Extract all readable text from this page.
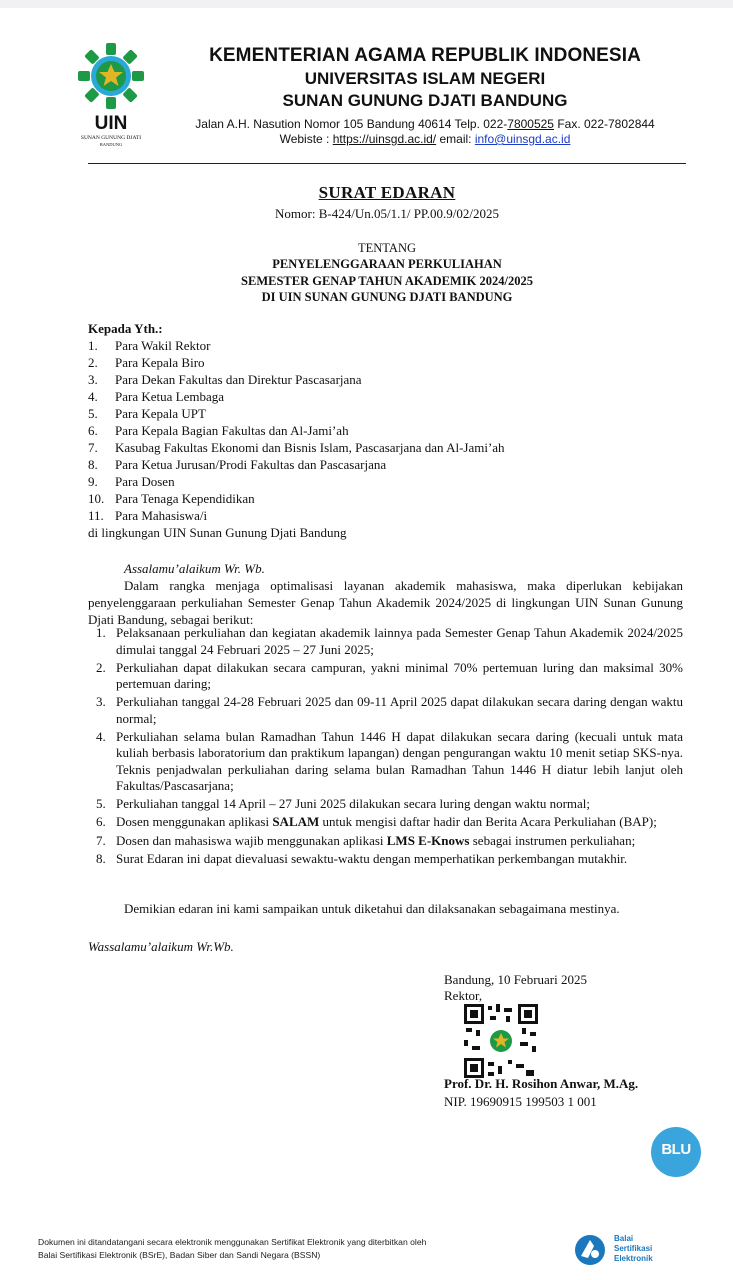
UIN
SUNAN GUNUNG DJATI
BANDUNG
KEMENTERIAN AGAMA REPUBLIK INDONESIA
UNIVERSITAS ISLAM NEGERI
SUNAN GUNUNG DJATI BANDUNG
Jalan A.H. Nasution Nomor 105 Bandung 40614 Telp. 022-7800525 Fax. 022-7802844
Webiste : https://uinsgd.ac.id/ email: info@uinsgd.ac.id
SURAT EDARAN
Nomor: B-424/Un.05/1.1/ PP.00.9/02/2025
TENTANG
PENYELENGGARAAN PERKULIAHAN
SEMESTER GENAP TAHUN AKADEMIK 2024/2025
DI UIN SUNAN GUNUNG DJATI BANDUNG
Kepada Yth.:
1.	Para Wakil Rektor
2.	Para Kepala Biro
3.	Para Dekan Fakultas dan Direktur Pascasarjana
4.	Para Ketua Lembaga
5.	Para Kepala UPT
6.	Para Kepala Bagian Fakultas dan Al-Jami’ah
7.	Kasubag Fakultas Ekonomi dan Bisnis Islam, Pascasarjana dan Al-Jami’ah
8.	Para Ketua Jurusan/Prodi Fakultas dan Pascasarjana
9.	Para Dosen
10. Para Tenaga Kependidikan
11. Para Mahasiswa/i
di lingkungan UIN Sunan Gunung Djati Bandung
Assalamu’alaikum Wr. Wb.
Dalam rangka menjaga optimalisasi layanan akademik mahasiswa, maka diperlukan kebijakan penyelenggaraan perkuliahan Semester Genap Tahun Akademik 2024/2025 di lingkungan UIN Sunan Gunung Djati Bandung, sebagai berikut:
1. Pelaksanaan perkuliahan dan kegiatan akademik lainnya pada Semester Genap Tahun Akademik 2024/2025 dimulai tanggal 24 Februari 2025 – 27 Juni 2025;
2. Perkuliahan dapat dilakukan secara campuran, yakni minimal 70% pertemuan luring dan maksimal 30% pertemuan daring;
3. Perkuliahan tanggal 24-28 Februari 2025 dan 09-11 April 2025 dapat dilakukan secara daring dengan waktu normal;
4. Perkuliahan selama bulan Ramadhan Tahun 1446 H dapat dilakukan secara daring (kecuali untuk mata kuliah berbasis laboratorium dan praktikum lapangan) dengan pengurangan waktu 10 menit setiap SKS-nya. Teknis penjadwalan perkuliahan daring selama bulan Ramadhan Tahun 1446 H diatur lebih lanjut oleh Fakultas/Pascasarjana;
5. Perkuliahan tanggal 14 April – 27 Juni 2025 dilakukan secara luring dengan waktu normal;
6. Dosen menggunakan aplikasi SALAM untuk mengisi daftar hadir dan Berita Acara Perkuliahan (BAP);
7. Dosen dan mahasiswa wajib menggunakan aplikasi LMS E-Knows sebagai instrumen perkuliahan;
8. Surat Edaran ini dapat dievaluasi sewaktu-waktu dengan memperhatikan perkembangan mutakhir.
Demikian edaran ini kami sampaikan untuk diketahui dan dilaksanakan sebagaimana mestinya.
Wassalamu’alaikum Wr.Wb.
Bandung, 10 Februari 2025
Rektor,
Prof. Dr. H. Rosihon Anwar, M.Ag.
NIP. 19690915 199503 1 001
BLU
Dokumen ini ditandatangani secara elektronik menggunakan Sertifikat Elektronik yang diterbitkan oleh
Balai Sertifikasi Elektronik (BSrE), Badan Siber dan Sandi Negara (BSSN)
Balai
Sertifikasi
Elektronik
